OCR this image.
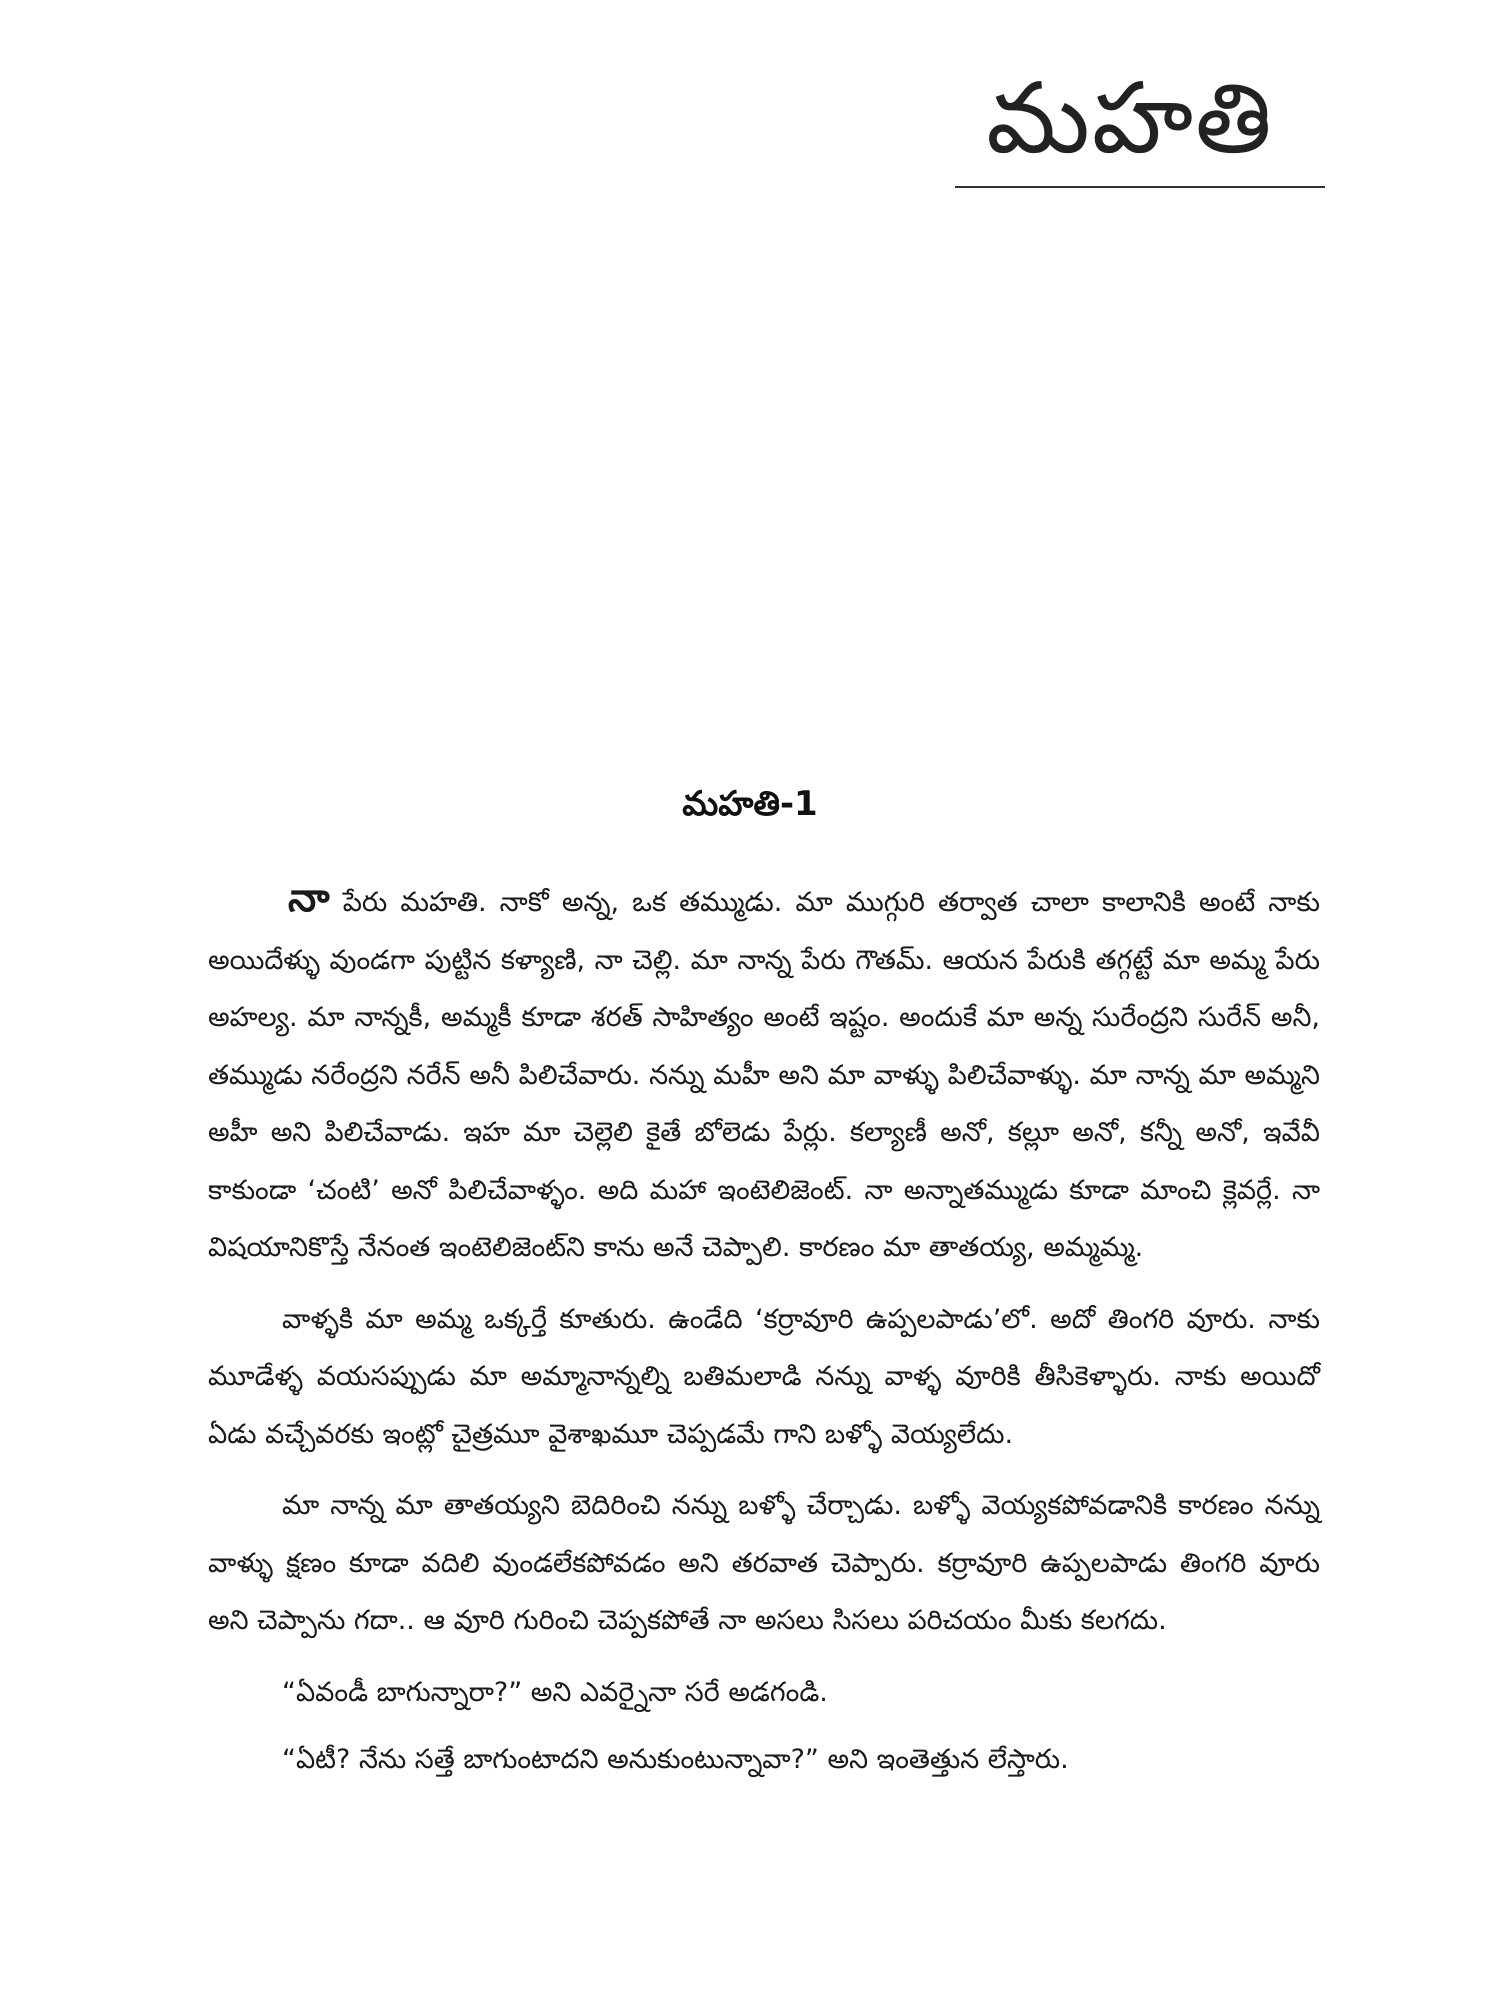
మహతి
మహతి-1

నా పేరు మహతి. నాకో అన్న, ఒక తమ్ముడు. మా ముగ్గురి తర్వాత చాలా కాలానికి అంటే నాకు అయిదేళ్ళు వుండగా పుట్టిన కళ్యాణి, నా చెల్లి. మా నాన్న పేరు గౌతమ్. ఆయన పేరుకి తగ్గట్టే మా అమ్మ పేరు అహల్య. మా నాన్నకీ, అమ్మకీ కూడా శరత్ సాహిత్యం అంటే ఇష్టం. అందుకే మా అన్న సురేంద్రని సురేన్ అనీ, తమ్ముడు నరేంద్రని నరేన్ అనీ పిలిచేవారు. నన్ను మహీ అని మా వాళ్ళు పిలిచేవాళ్ళు. మా నాన్న మా అమ్మని అహీ అని పిలిచేవాడు. ఇహ మా చెల్లెలి కైతే బోలెడు పేర్లు. కల్యాణీ అనో, కల్లూ అనో, కన్నీ అనో, ఇవేవీ కాకుండా ‘చంటి’ అనో పిలిచేవాళ్ళం. అది మహా ఇంటెలిజెంట్. నా అన్నాతమ్ముడు కూడా మాంచి క్లెవర్లే. నా విషయానికొస్తే నేనంత ఇంటెలిజెంట్‌ని కాను అనే చెప్పాలి. కారణం మా తాతయ్య, అమ్మమ్మ.

వాళ్ళకి మా అమ్మ ఒక్కర్తే కూతురు. ఉండేది ‘కర్రావూరి ఉప్పలపాడు’లో. అదో తింగరి వూరు. నాకు మూడేళ్ళ వయసప్పుడు మా అమ్మానాన్నల్ని బతిమలాడి నన్ను వాళ్ళ వూరికి తీసికెళ్ళారు. నాకు అయిదో ఏడు వచ్చేవరకు ఇంట్లో చైత్రమూ వైశాఖమూ చెప్పడమే గాని బళ్ళో వెయ్యలేదు.

మా నాన్న మా తాతయ్యని బెదిరించి నన్ను బళ్ళో చేర్చాడు. బళ్ళో వెయ్యకపోవడానికి కారణం నన్ను వాళ్ళు క్షణం కూడా వదిలి వుండలేకపోవడం అని తరవాత చెప్పారు. కర్రావూరి ఉప్పలపాడు తింగరి వూరు అని చెప్పాను గదా.. ఆ వూరి గురించి చెప్పకపోతే నా అసలు సిసలు పరిచయం మీకు కలగదు.

“ఏవండీ బాగున్నారా?” అని ఎవర్నైనా సరే అడగండి.

“ఏటీ? నేను సత్తే బాగుంటాదని అనుకుంటున్నావా?” అని ఇంతెత్తున లేస్తారు.
